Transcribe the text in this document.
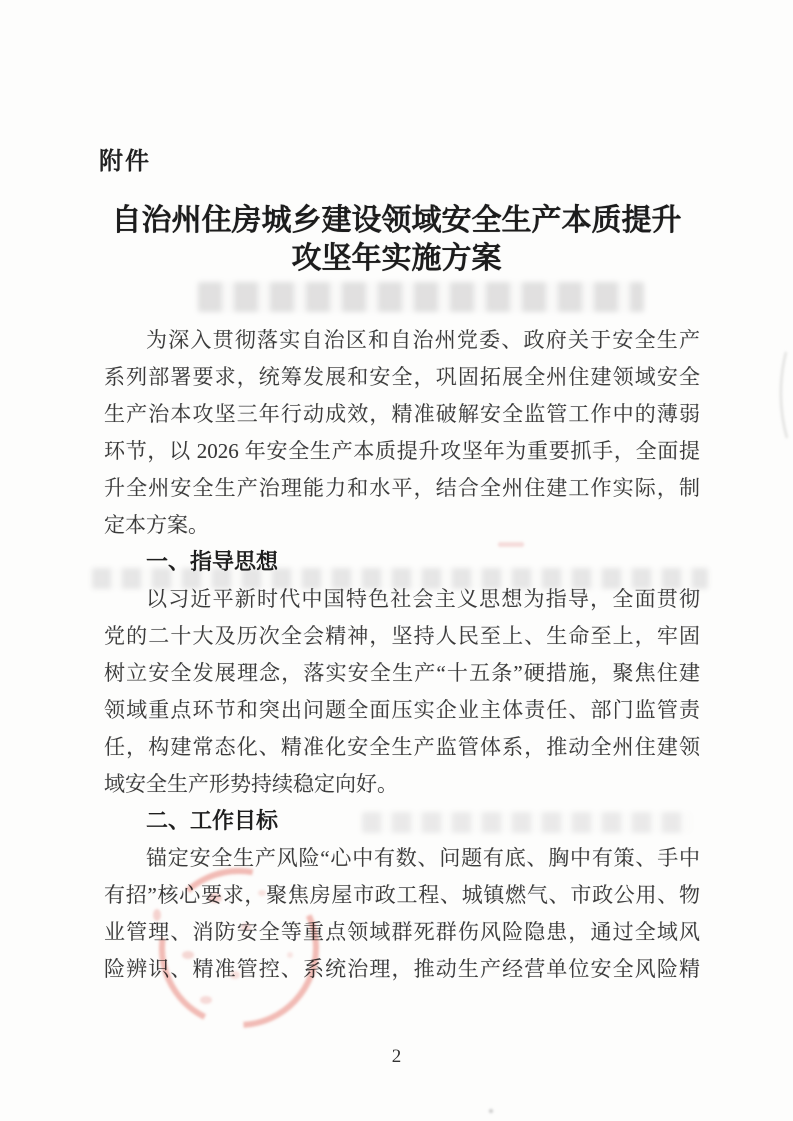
附件
自治州住房城乡建设领域安全生产本质提升
攻坚年实施方案
为深入贯彻落实自治区和自治州党委、政府关于安全生产
系列部署要求，统筹发展和安全，巩固拓展全州住建领域安全
生产治本攻坚三年行动成效，精准破解安全监管工作中的薄弱
环节，以 2026 年安全生产本质提升攻坚年为重要抓手，全面提
升全州安全生产治理能力和水平，结合全州住建工作实际，制
定本方案。
一、指导思想
以习近平新时代中国特色社会主义思想为指导，全面贯彻
党的二十大及历次全会精神，坚持人民至上、生命至上，牢固
树立安全发展理念，落实安全生产“十五条”硬措施，聚焦住建
领域重点环节和突出问题全面压实企业主体责任、部门监管责
任，构建常态化、精准化安全生产监管体系，推动全州住建领
域安全生产形势持续稳定向好。
二、工作目标
锚定安全生产风险“心中有数、问题有底、胸中有策、手中
有招”核心要求，聚焦房屋市政工程、城镇燃气、市政公用、物
业管理、消防安全等重点领域群死群伤风险隐患，通过全域风
险辨识、精准管控、系统治理，推动生产经营单位安全风险精
2
